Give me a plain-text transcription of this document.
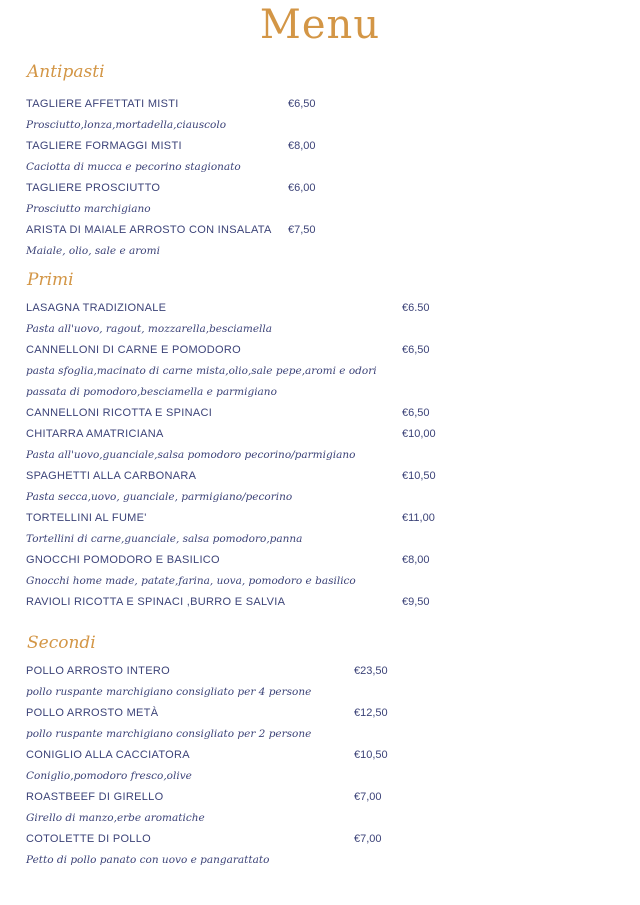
Menu
Antipasti
TAGLIERE AFFETTATI MISTI	€6,50
Prosciutto,lonza,mortadella,ciauscolo
TAGLIERE FORMAGGI MISTI	€8,00
Caciotta di mucca e pecorino stagionato
TAGLIERE PROSCIUTTO	€6,00
Prosciutto marchigiano
ARISTA DI MAIALE ARROSTO CON INSALATA €7,50
Maiale, olio, sale e aromi
Primi
LASAGNA TRADIZIONALE	€6.50
Pasta all'uovo, ragout, mozzarella,besciamella
CANNELLONI DI CARNE E POMODORO	€6,50
pasta sfoglia,macinato di carne mista,olio,sale pepe,aromi e odori
passata di pomodoro,besciamella e parmigiano
CANNELLONI RICOTTA E SPINACI	€6,50
CHITARRA AMATRICIANA	€10,00
Pasta all'uovo,guanciale,salsa pomodoro pecorino/parmigiano
SPAGHETTI ALLA CARBONARA	€10,50
Pasta secca,uovo, guanciale, parmigiano/pecorino
TORTELLINI AL FUME'	€11,00
Tortellini di carne,guanciale, salsa pomodoro,panna
GNOCCHI POMODORO E BASILICO	€8,00
Gnocchi home made, patate,farina, uova, pomodoro e basilico
RAVIOLI RICOTTA E SPINACI ,BURRO E SALVIA	€9,50
Secondi
POLLO ARROSTO INTERO	€23,50
pollo ruspante marchigiano consigliato per 4 persone
POLLO ARROSTO METÀ	€12,50
pollo ruspante marchigiano consigliato per 2 persone
CONIGLIO ALLA CACCIATORA	€10,50
Coniglio,pomodoro fresco,olive
ROASTBEEF DI GIRELLO	€7,00
Girello di manzo,erbe aromatiche
COTOLETTE DI POLLO	€7,00
Petto di pollo panato con uovo e pangarattato
